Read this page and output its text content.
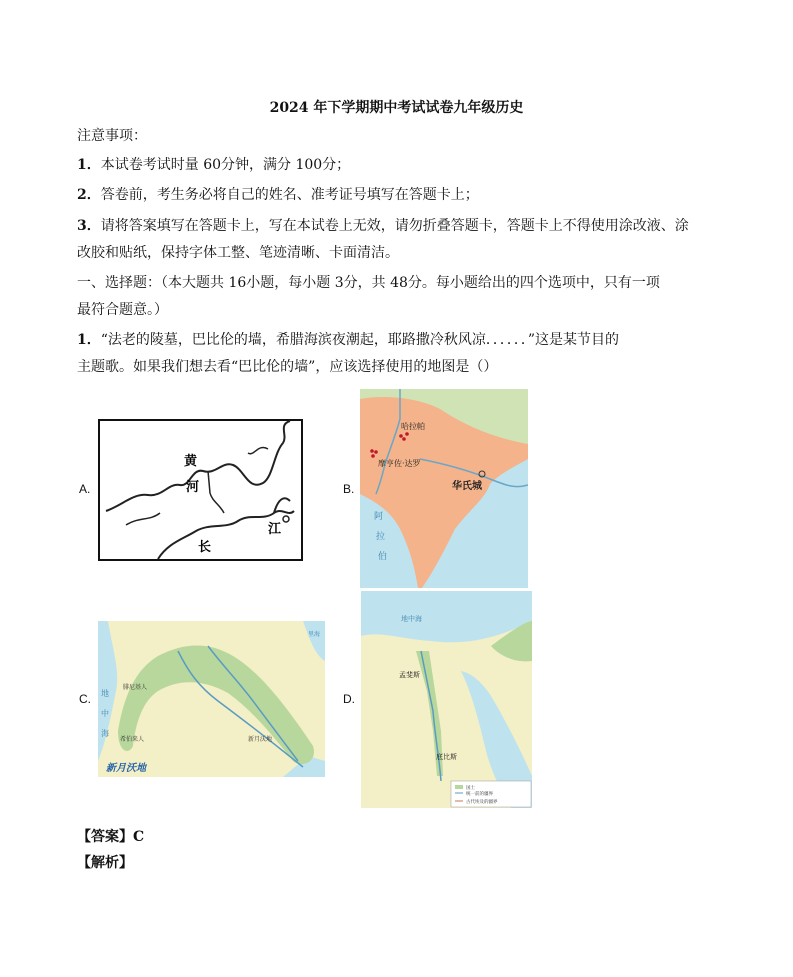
2024 年下学期期中考试试卷九年级历史
注意事项：
1．本试卷考试时量 60分钟，满分 100分；
2．答卷前，考生务必将自己的姓名、准考证号填写在答题卡上；
3．请将答案填写在答题卡上，写在本试卷上无效，请勿折叠答题卡，答题卡上不得使用涂改液、涂
改胶和贴纸，保持字体工整、笔迹清晰、卡面清洁。
一、选择题：（本大题共 16小题，每小题 3分，共 48分。每小题给出的四个选项中，只有一项
最符合题意。）
1．“法老的陵墓，巴比伦的墙，希腊海滨夜潮起，耶路撒冷秋风凉．．．．．．”这是某节目的
主题歌。如果我们想去看“巴比伦的墙”，应该选择使用的地图是（）
A.	B.
C.	D.
黄
河
长
江
哈拉帕
摩亨佐·达罗
华氏城
阿
拉
伯
地
中
海
腓尼基人
希伯来人	新月沃地
里海
新月沃地
地中海
孟斐斯
底比斯
国土
统一前的疆界
古代埃及的疆界
【答案】C
【解析】
